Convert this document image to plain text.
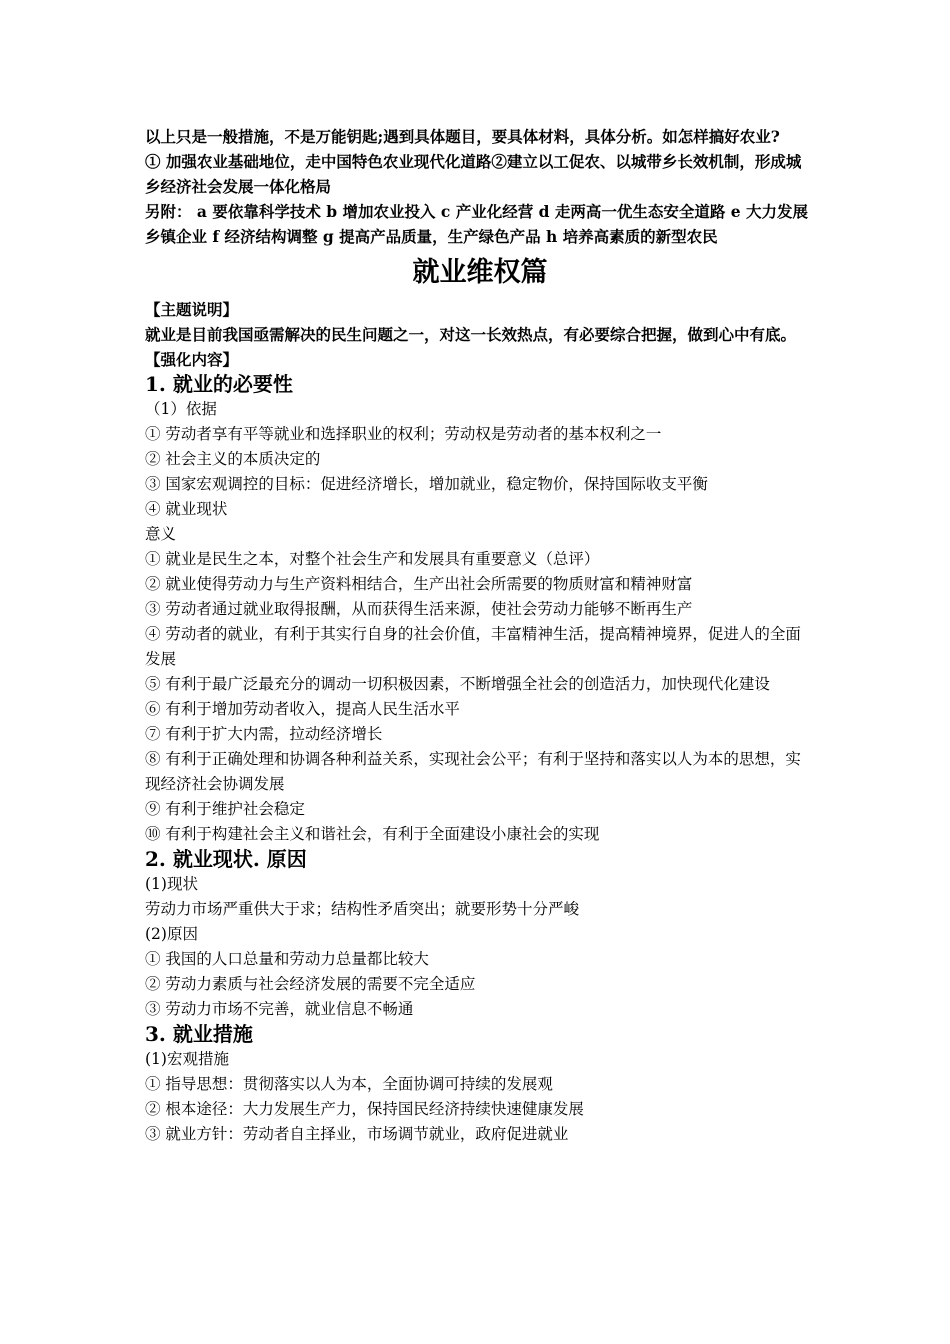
以上只是一般措施，不是万能钥匙;遇到具体题目，要具体材料，具体分析。如怎样搞好农业?

① 加强农业基础地位，走中国特色农业现代化道路②建立以工促农、以城带乡长效机制，形成城乡经济社会发展一体化格局

另附： a 要依靠科学技术 b 增加农业投入 c 产业化经营 d 走两高一优生态安全道路 e 大力发展乡镇企业 f 经济结构调整 g 提高产品质量，生产绿色产品 h 培养高素质的新型农民

就业维权篇

【主题说明】

就业是目前我国亟需解决的民生问题之一，对这一长效热点，有必要综合把握，做到心中有底。

【强化内容】

1. 就业的必要性

（1）依据

① 劳动者享有平等就业和选择职业的权利；劳动权是劳动者的基本权利之一

② 社会主义的本质决定的

③ 国家宏观调控的目标：促进经济增长，增加就业，稳定物价，保持国际收支平衡

④ 就业现状

意义

① 就业是民生之本，对整个社会生产和发展具有重要意义（总评）

② 就业使得劳动力与生产资料相结合，生产出社会所需要的物质财富和精神财富

③ 劳动者通过就业取得报酬，从而获得生活来源，使社会劳动力能够不断再生产

④ 劳动者的就业，有利于其实行自身的社会价值，丰富精神生活，提高精神境界，促进人的全面发展

⑤ 有利于最广泛最充分的调动一切积极因素，不断增强全社会的创造活力，加快现代化建设

⑥ 有利于增加劳动者收入，提高人民生活水平

⑦ 有利于扩大内需，拉动经济增长

⑧ 有利于正确处理和协调各种利益关系，实现社会公平；有利于坚持和落实以人为本的思想，实现经济社会协调发展

⑨ 有利于维护社会稳定

⑩ 有利于构建社会主义和谐社会，有利于全面建设小康社会的实现

2. 就业现状. 原因

(1)现状

劳动力市场严重供大于求；结构性矛盾突出；就要形势十分严峻

(2)原因

① 我国的人口总量和劳动力总量都比较大

② 劳动力素质与社会经济发展的需要不完全适应

③ 劳动力市场不完善，就业信息不畅通

3. 就业措施

(1)宏观措施

① 指导思想：贯彻落实以人为本，全面协调可持续的发展观

② 根本途径：大力发展生产力，保持国民经济持续快速健康发展

③ 就业方针：劳动者自主择业，市场调节就业，政府促进就业
